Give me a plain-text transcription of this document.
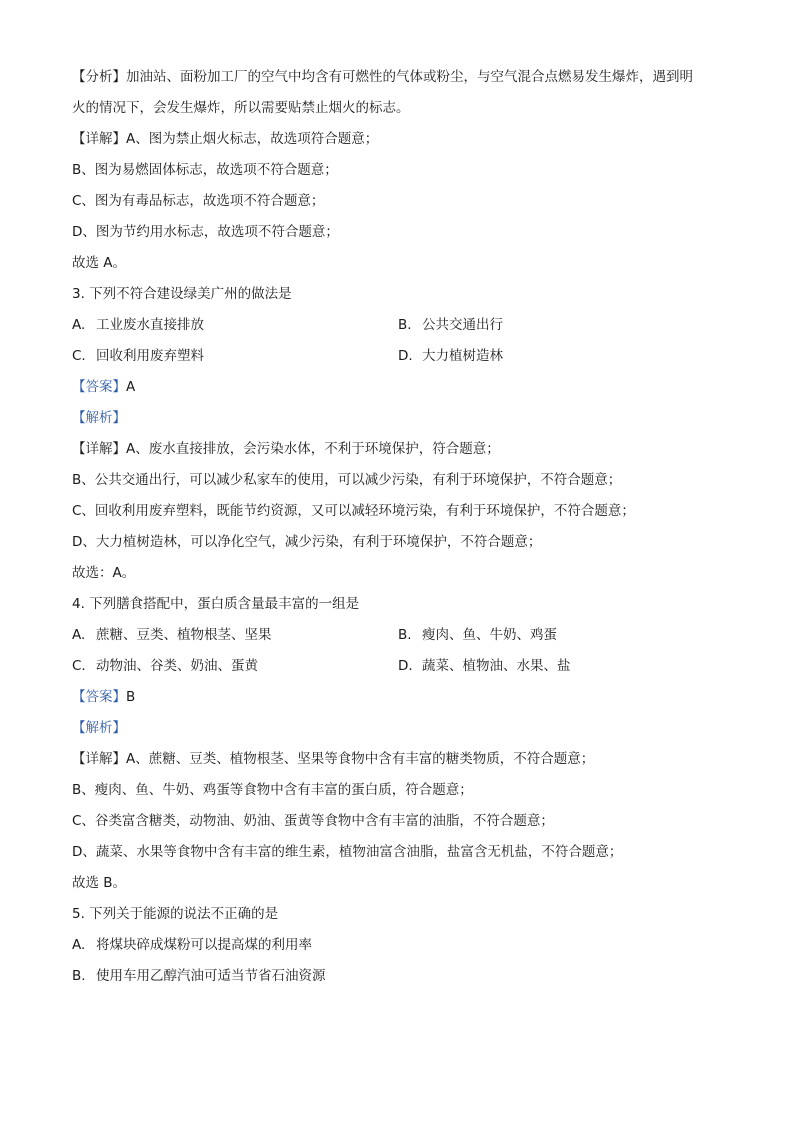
【分析】加油站、面粉加工厂的空气中均含有可燃性的气体或粉尘，与空气混合点燃易发生爆炸，遇到明
火的情况下，会发生爆炸，所以需要贴禁止烟火的标志。
【详解】A、图为禁止烟火标志，故选项符合题意；
B、图为易燃固体标志，故选项不符合题意；
C、图为有毒品标志，故选项不符合题意；
D、图为节约用水标志，故选项不符合题意；
故选 A。
3. 下列不符合建设绿美广州的做法是
A. 工业废水直接排放	B. 公共交通出行
C. 回收利用废弃塑料	D. 大力植树造林
【答案】A
【解析】
【详解】A、废水直接排放，会污染水体，不利于环境保护，符合题意；
B、公共交通出行，可以减少私家车的使用，可以减少污染，有利于环境保护，不符合题意；
C、回收利用废弃塑料，既能节约资源，又可以减轻环境污染，有利于环境保护，不符合题意；
D、大力植树造林，可以净化空气，减少污染，有利于环境保护，不符合题意；
故选：A。
4. 下列膳食搭配中，蛋白质含量最丰富的一组是
A. 蔗糖、豆类、植物根茎、坚果	B. 瘦肉、鱼、牛奶、鸡蛋
C. 动物油、谷类、奶油、蛋黄	D. 蔬菜、植物油、水果、盐
【答案】B
【解析】
【详解】A、蔗糖、豆类、植物根茎、坚果等食物中含有丰富的糖类物质，不符合题意；
B、瘦肉、鱼、牛奶、鸡蛋等食物中含有丰富的蛋白质，符合题意；
C、谷类富含糖类，动物油、奶油、蛋黄等食物中含有丰富的油脂，不符合题意；
D、蔬菜、水果等食物中含有丰富的维生素，植物油富含油脂，盐富含无机盐，不符合题意；
故选 B。
5. 下列关于能源的说法不正确的是
A. 将煤块碎成煤粉可以提高煤的利用率
B. 使用车用乙醇汽油可适当节省石油资源
